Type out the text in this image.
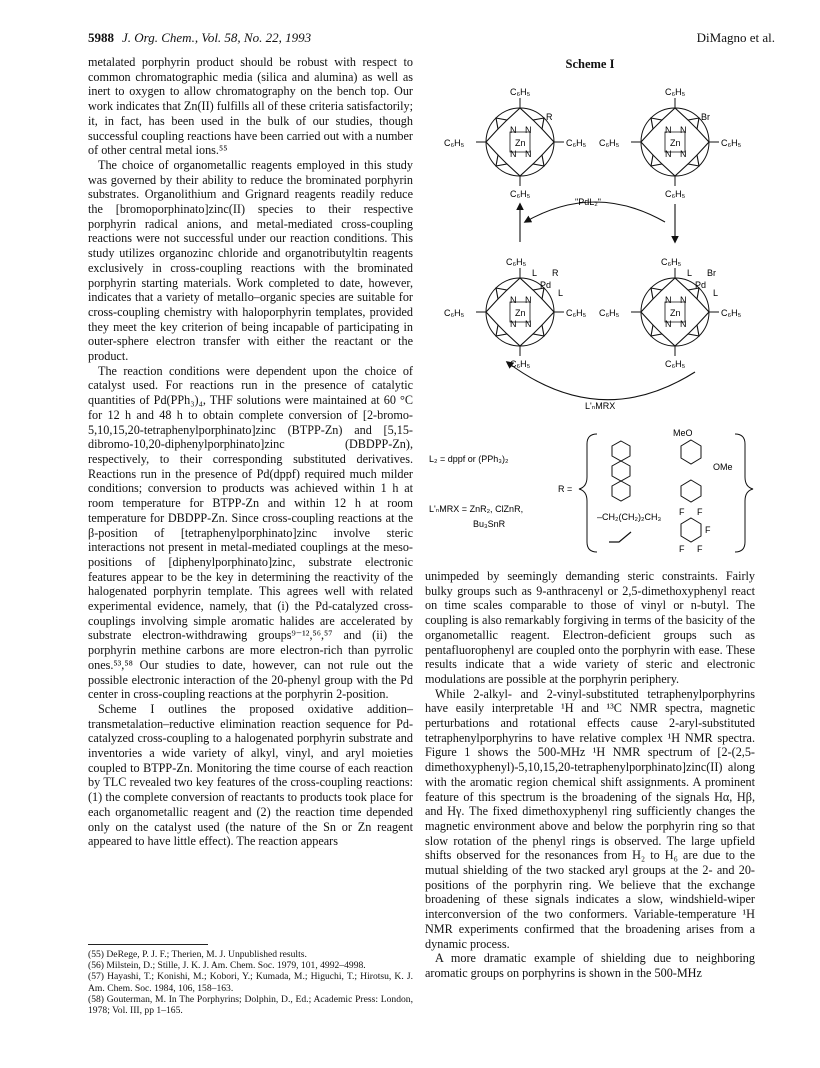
5988 J. Org. Chem., Vol. 58, No. 22, 1993	DiMagno et al.

metalated porphyrin product should be robust with respect to common chromatographic media (silica and alumina) as well as inert to oxygen to allow chromatography on the bench top. Our work indicates that Zn(II) fulfills all of these criteria satisfactorily; it, in fact, has been used in the bulk of our studies, though successful coupling reactions have been carried out with a number of other central metal ions.⁵⁵

The choice of organometallic reagents employed in this study was governed by their ability to reduce the brominated porphyrin substrates. Organolithium and Grignard reagents readily reduce the [bromoporphinato]zinc(II) species to their respective porphyrin radical anions, and metal-mediated cross-coupling reactions were not successful under our reaction conditions. This study utilizes organozinc chloride and organotributyltin reagents exclusively in cross-coupling reactions with the brominated porphyrin starting materials. Work completed to date, however, indicates that a variety of metallo–organic species are suitable for cross-coupling chemistry with haloporphyrin templates, provided they meet the key criterion of being incapable of participating in outer-sphere electron transfer with either the reactant or the product.

The reaction conditions were dependent upon the choice of catalyst used. For reactions run in the presence of catalytic quantities of Pd(PPh₃)₄, THF solutions were maintained at 60 °C for 12 h and 48 h to obtain complete conversion of [2-bromo-5,10,15,20-tetraphenylporphinato]zinc (BTPP-Zn) and [5,15-dibromo-10,20-diphenylporphinato]zinc (DBDPP-Zn), respectively, to their corresponding substituted derivatives. Reactions run in the presence of Pd(dppf) required much milder conditions; conversion to products was achieved within 1 h at room temperature for BTPP-Zn and within 12 h at room temperature for DBDPP-Zn. Since cross-coupling reactions at the β-position of [tetraphenylporphinato]zinc involve steric interactions not present in metal-mediated couplings at the meso-positions of [diphenylporphinato]zinc, substrate electronic features appear to be the key in determining the reactivity of the halogenated porphyrin template. This agrees well with related experimental evidence, namely, that (i) the Pd-catalyzed cross-couplings involving simple aromatic halides are accelerated by substrate electron-withdrawing groups⁹⁻¹²,⁵⁶,⁵⁷ and (ii) the porphyrin methine carbons are more electron-rich than pyrrolic ones.⁵³,⁵⁸ Our studies to date, however, can not rule out the possible electronic interaction of the 20-phenyl group with the Pd center in cross-coupling reactions at the porphyrin 2-position.

Scheme I outlines the proposed oxidative addition–transmetalation–reductive elimination reaction sequence for Pd-catalyzed cross-coupling to a halogenated porphyrin substrate and inventories a wide variety of alkyl, vinyl, and aryl moieties coupled to BTPP-Zn. Monitoring the time course of each reaction by TLC revealed two key features of the cross-coupling reactions: (1) the complete conversion of reactants to products took place for each organometallic reagent and (2) the reaction time depended only on the catalyst used (the nature of the Sn or Zn reagent appeared to have little effect). The reaction appears

(55) DeRege, P. J. F.; Therien, M. J. Unpublished results.

(56) Milstein, D.; Stille, J. K. J. Am. Chem. Soc. 1979, 101, 4992–4998.

(57) Hayashi, T.; Konishi, M.; Kobori, Y.; Kumada, M.; Higuchi, T.; Hirotsu, K. J. Am. Chem. Soc. 1984, 106, 158–163.

(58) Gouterman, M. In The Porphyrins; Dolphin, D., Ed.; Academic Press: London, 1978; Vol. III, pp 1–165.

Scheme I
N N
N N
Zn
C₆H₅
C₆H₅
C₆H₅	C₆H₅
R
N N
N N
Zn
C₆H₅
C₆H₅
C₆H₅	C₆H₅
Br
N N
N N
Zn
C₆H₅
C₆H₅
C₆H₅	C₆H₅
Pd
L R
L
N N
N N
Zn
C₆H₅
C₆H₅
C₆H₅	C₆H₅
Pd
L Br
L
"PdL₂"
L'ₙMRX
L₂ = dppf or (PPh₃)₂
L'ₙMRX = ZnR₂, ClZnR,
Bu₃SnR
R =
–CH₂(CH₂)₂CH₃
MeO
OMe
F F
F
F F

unimpeded by seemingly demanding steric constraints. Fairly bulky groups such as 9-anthracenyl or 2,5-dimethoxyphenyl react on time scales comparable to those of vinyl or n-butyl. The coupling is also remarkably forgiving in terms of the basicity of the organometallic reagent. Electron-deficient groups such as pentafluorophenyl are coupled onto the porphyrin with ease. These results indicate that a wide variety of steric and electronic modulations are possible at the porphyrin periphery.

While 2-alkyl- and 2-vinyl-substituted tetraphenylporphyrins have easily interpretable ¹H and ¹³C NMR spectra, magnetic perturbations and rotational effects cause 2-aryl-substituted tetraphenylporphyrins to have relative complex ¹H NMR spectra. Figure 1 shows the 500-MHz ¹H NMR spectrum of [2-(2,5-dimethoxyphenyl)-5,10,15,20-tetraphenylporphinato]zinc(II) along with the aromatic region chemical shift assignments. A prominent feature of this spectrum is the broadening of the signals Hα, Hβ, and Hγ. The fixed dimethoxyphenyl ring sufficiently changes the magnetic environment above and below the porphyrin ring so that slow rotation of the phenyl rings is observed. The large upfield shifts observed for the resonances from H₂ to H₆ are due to the mutual shielding of the two stacked aryl groups at the 2- and 20-positions of the porphyrin ring. We believe that the exchange broadening of these signals indicates a slow, windshield-wiper interconversion of the two conformers. Variable-temperature ¹H NMR experiments confirmed that the broadening arises from a dynamic process.

A more dramatic example of shielding due to neighboring aromatic groups on porphyrins is shown in the 500-MHz
